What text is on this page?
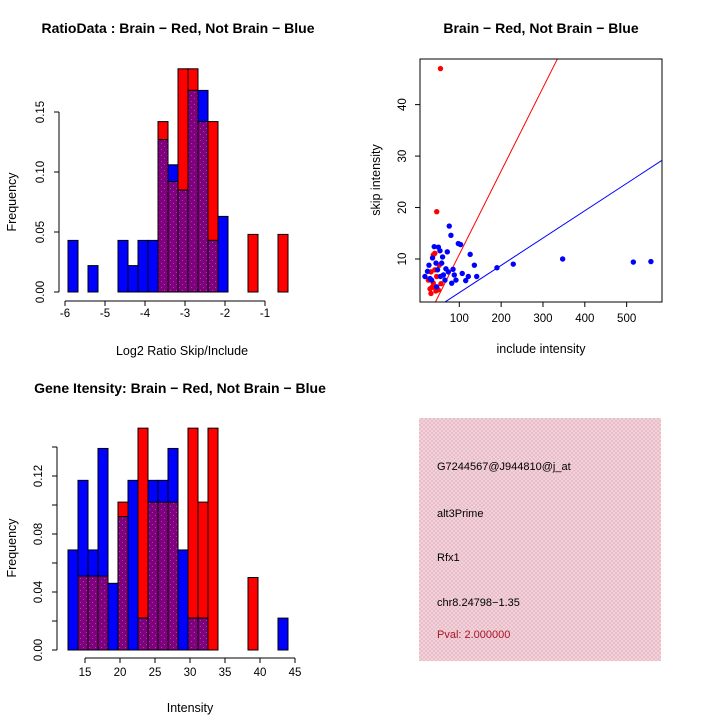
0.00
0.05
0.10
0.15
-6	-5	-4	-3	-2	-1
Log2 Ratio Skip/Include
Frequency
RatioData : Brain − Red, Not Brain − Blue
100 200 300 400 500
10
20
30
40
include intensity
skip intensity
Brain − Red, Not Brain − Blue
0.00
0.04
0.08
0.12
15 20 25 30 35 40 45
Intensity
Frequency
Gene Itensity: Brain − Red, Not Brain − Blue
G7244567@J944810@j_at
alt3Prime
Rfx1
chr8.24798−1.35
Pval: 2.000000
